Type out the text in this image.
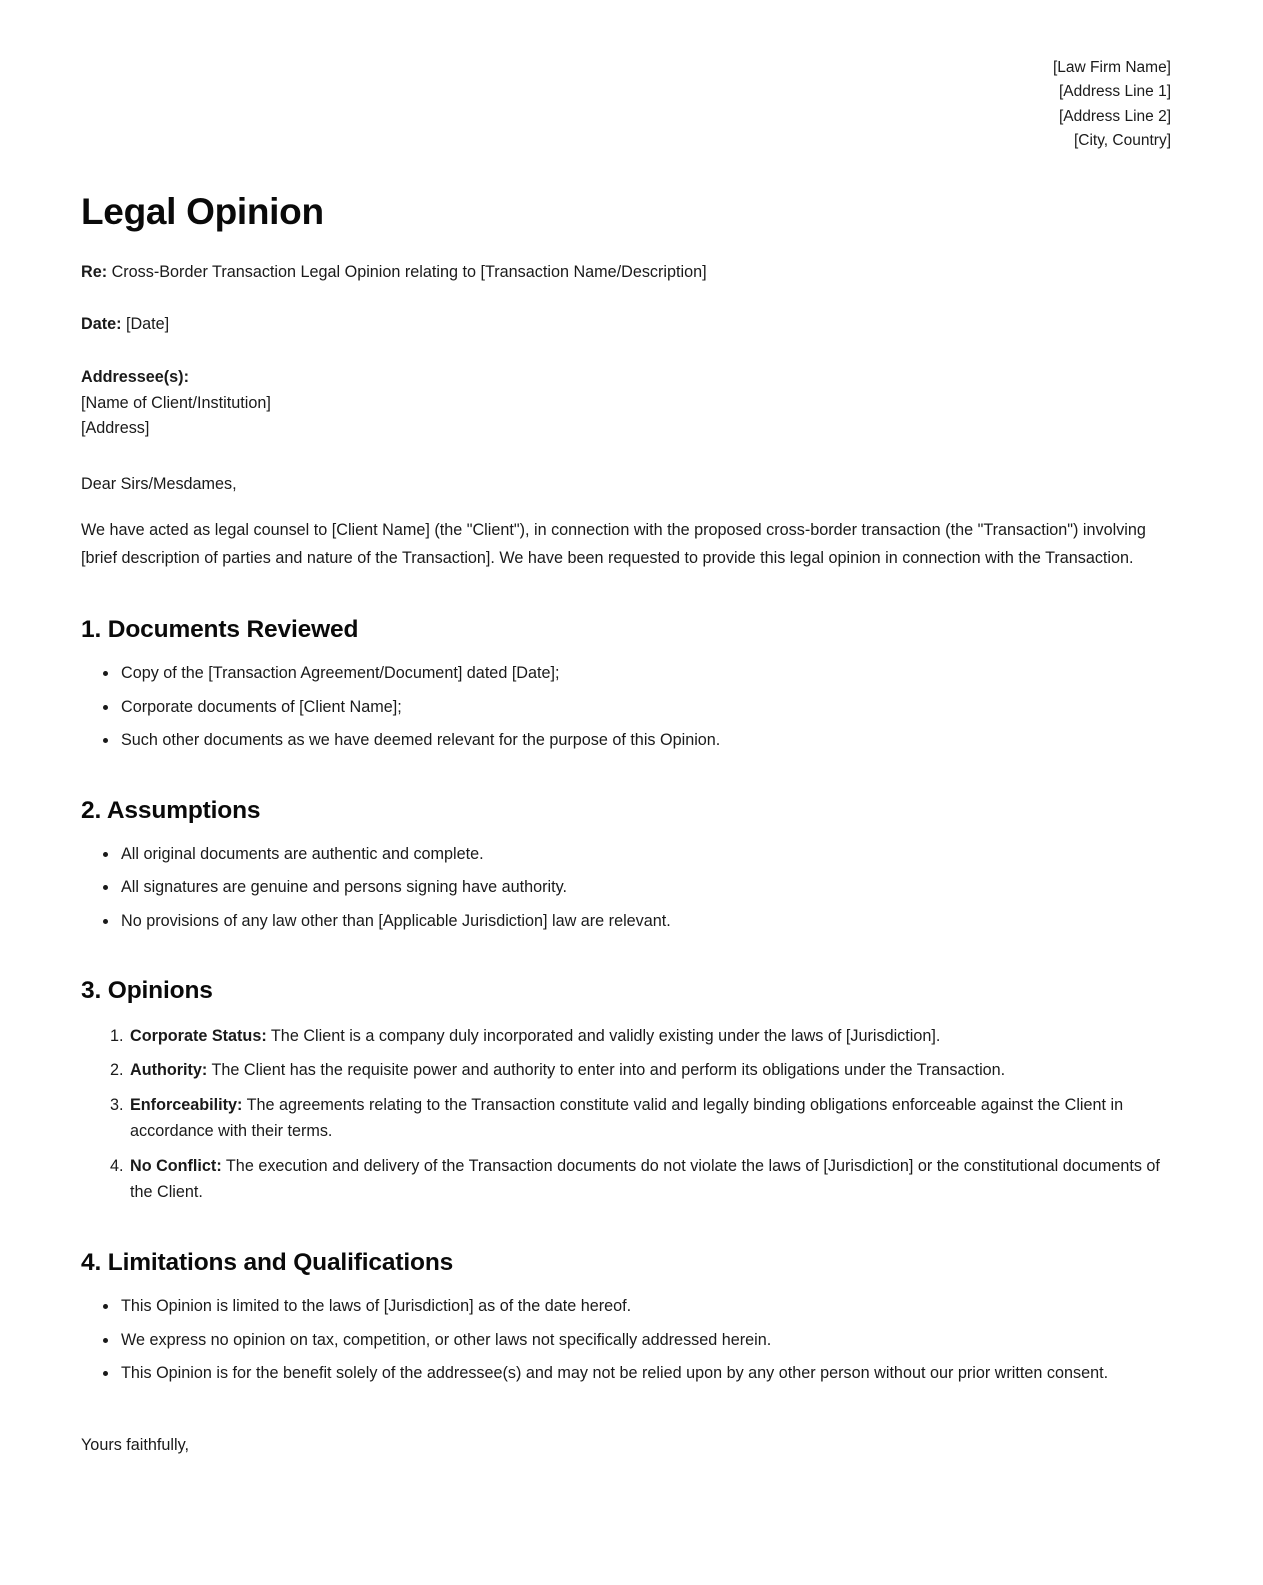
[Law Firm Name]
[Address Line 1]
[Address Line 2]
[City, Country]
Legal Opinion

Re: Cross-Border Transaction Legal Opinion relating to [Transaction Name/Description]

Date: [Date]

Addressee(s):
[Name of Client/Institution]
[Address]

Dear Sirs/Mesdames,

We have acted as legal counsel to [Client Name] (the "Client"), in connection with the proposed cross-border transaction (the "Transaction") involving [brief description of parties and nature of the Transaction]. We have been requested to provide this legal opinion in connection with the Transaction.

1. Documents Reviewed
• Copy of the [Transaction Agreement/Document] dated [Date];
• Corporate documents of [Client Name];
• Such other documents as we have deemed relevant for the purpose of this Opinion.
2. Assumptions
• All original documents are authentic and complete.
• All signatures are genuine and persons signing have authority.
• No provisions of any law other than [Applicable Jurisdiction] law are relevant.
3. Opinions
1. Corporate Status: The Client is a company duly incorporated and validly existing under the laws of [Jurisdiction].
2. Authority: The Client has the requisite power and authority to enter into and perform its obligations under the Transaction.
3. Enforceability: The agreements relating to the Transaction constitute valid and legally binding obligations enforceable against the Client in accordance with their terms.
4. No Conflict: The execution and delivery of the Transaction documents do not violate the laws of [Jurisdiction] or the constitutional documents of the Client.
4. Limitations and Qualifications
• This Opinion is limited to the laws of [Jurisdiction] as of the date hereof.
• We express no opinion on tax, competition, or other laws not specifically addressed herein.
• This Opinion is for the benefit solely of the addressee(s) and may not be relied upon by any other person without our prior written consent.

Yours faithfully,
